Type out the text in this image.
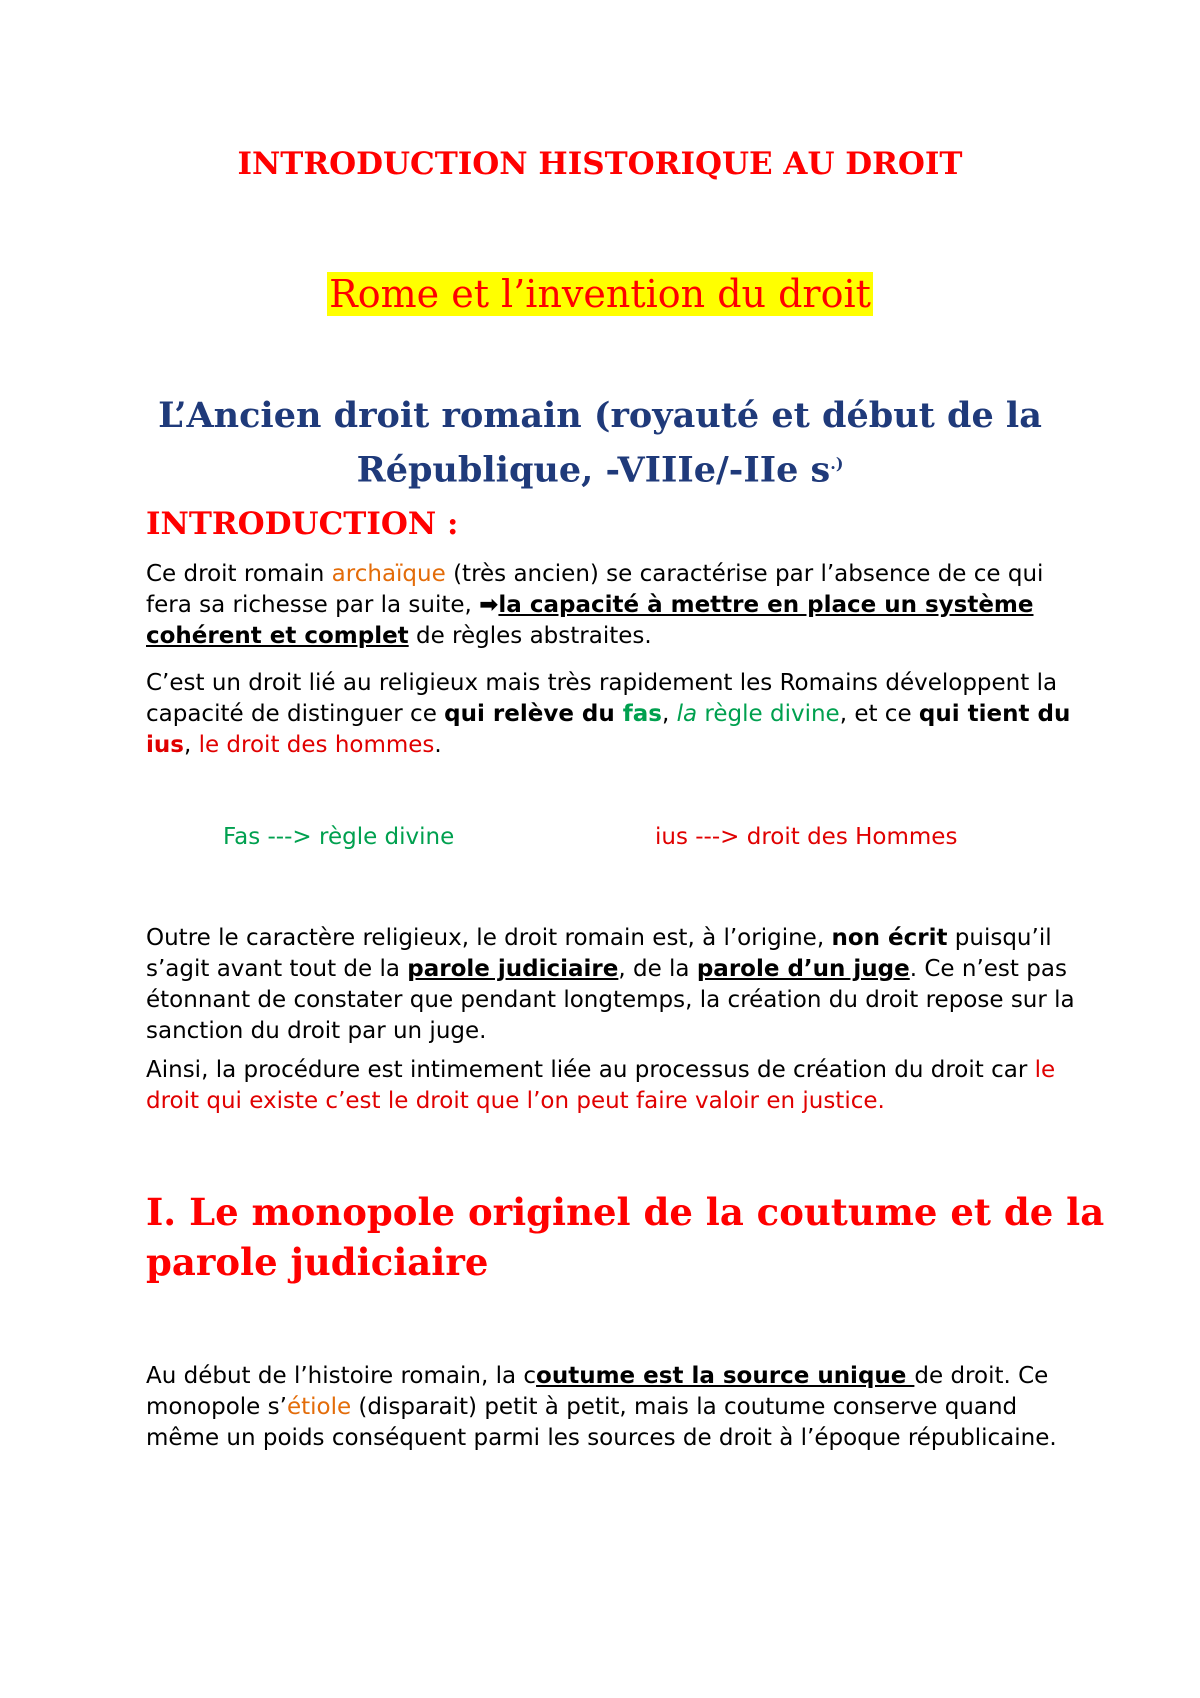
INTRODUCTION HISTORIQUE AU DROIT
Rome et l’invention du droit
L’Ancien droit romain (royauté et début de la République, -VIIIe/-IIe s.)
INTRODUCTION :
Ce droit romain archaïque (très ancien) se caractérise par l’absence de ce qui fera sa richesse par la suite, ➡la capacité à mettre en place un système cohérent et complet de règles abstraites.
C’est un droit lié au religieux mais très rapidement les Romains développent la capacité de distinguer ce qui relève du fas, la règle divine, et ce qui tient du ius, le droit des hommes.
Fas ---> règle divine	ius ---> droit des Hommes
Outre le caractère religieux, le droit romain est, à l’origine, non écrit puisqu’il s’agit avant tout de la parole judiciaire, de la parole d’un juge. Ce n’est pas étonnant de constater que pendant longtemps, la création du droit repose sur la sanction du droit par un juge.
Ainsi, la procédure est intimement liée au processus de création du droit car le droit qui existe c’est le droit que l’on peut faire valoir en justice.
I. Le monopole originel de la coutume et de la parole judiciaire
Au début de l’histoire romain, la coutume est la source unique de droit. Ce monopole s’étiole (disparait) petit à petit, mais la coutume conserve quand même un poids conséquent parmi les sources de droit à l’époque républicaine.
